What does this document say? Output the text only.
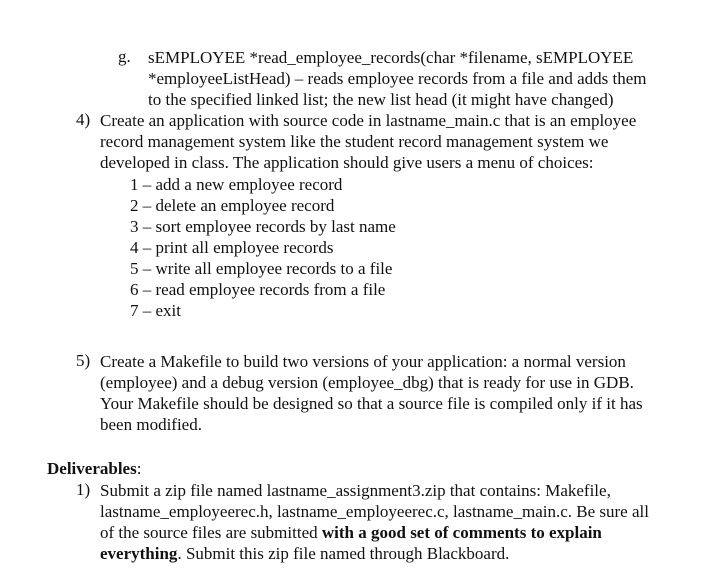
g. sEMPLOYEE *read_employee_records(char *filename, sEMPLOYEE
*employeeListHead) – reads employee records from a file and adds them
to the specified linked list; the new list head (it might have changed)
4) Create an application with source code in lastname_main.c that is an employee
record management system like the student record management system we
developed in class. The application should give users a menu of choices:
1 – add a new employee record
2 – delete an employee record
3 – sort employee records by last name
4 – print all employee records
5 – write all employee records to a file
6 – read employee records from a file
7 – exit
5) Create a Makefile to build two versions of your application: a normal version
(employee) and a debug version (employee_dbg) that is ready for use in GDB.
Your Makefile should be designed so that a source file is compiled only if it has
been modified.
Deliverables:
1) Submit a zip file named lastname_assignment3.zip that contains: Makefile,
lastname_employeerec.h, lastname_employeerec.c, lastname_main.c. Be sure all
of the source files are submitted with a good set of comments to explain
everything. Submit this zip file named through Blackboard.
